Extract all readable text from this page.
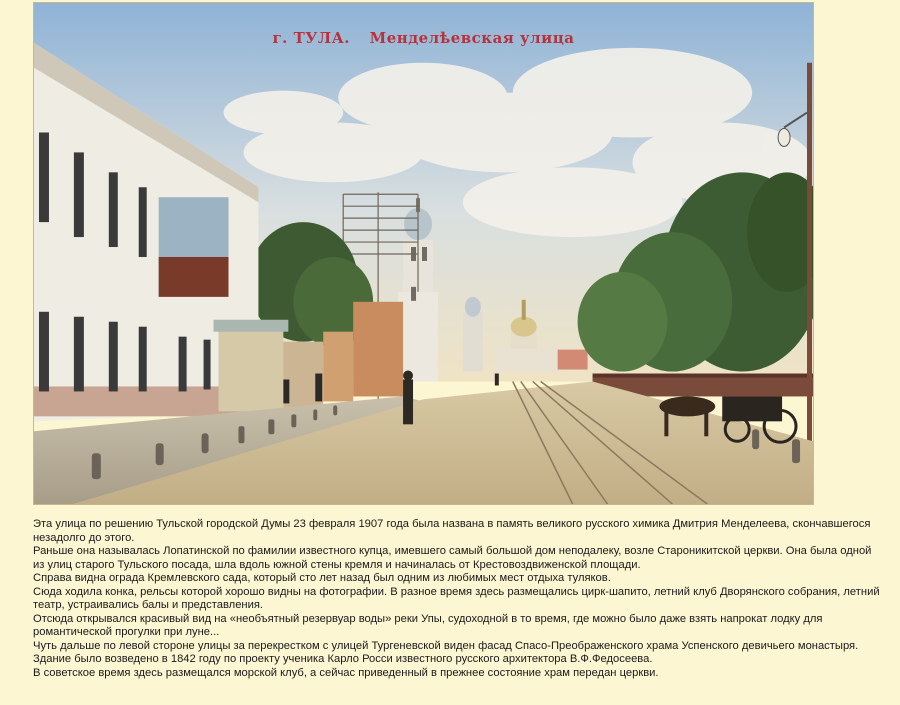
г. ТУЛА. Менделѣевская улица

Эта улица по решению Тульской городской Думы 23 февраля 1907 года была названа в память великого русского химика Дмитрия Менделеева, скончавшегося незадолго до этого.

Раньше она называлась Лопатинской по фамилии известного купца, имевшего самый большой дом неподалеку, возле Староникитской церкви. Она была одной из улиц старого Тульского посада, шла вдоль южной стены кремля и начиналась от Крестовоздвиженской площади.

Справа видна ограда Кремлевского сада, который сто лет назад был одним из любимых мест отдыха туляков.

Сюда ходила конка, рельсы которой хорошо видны на фотографии. В разное время здесь размещались цирк-шапито, летний клуб Дворянского собрания, летний театр, устраивались балы и представления.

Отсюда открывался красивый вид на «необъятный резервуар воды» реки Упы, судоходной в то время, где можно было даже взять напрокат лодку для романтической прогулки при луне...

Чуть дальше по левой стороне улицы за перекрестком с улицей Тургеневской виден фасад Спасо-Преображенского храма Успенского девичьего монастыря.

Здание было возведено в 1842 году по проекту ученика Карло Росси известного русского архитектора В.Ф.Федосеева.

В советское время здесь размещался морской клуб, а сейчас приведенный в прежнее состояние храм передан церкви.
